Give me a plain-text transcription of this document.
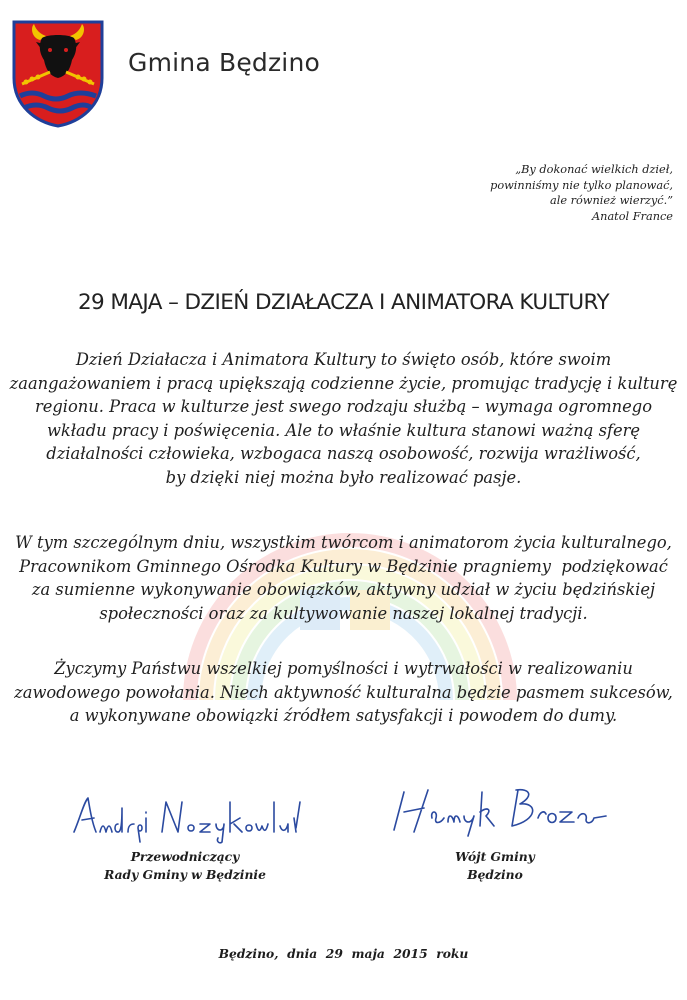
Gmina Będzino
„By dokonać wielkich dzieł,
powinniśmy nie tylko planować,
ale również wierzyć.”
Anatol France
29 MAJA – DZIEŃ DZIAŁACZA I ANIMATORA KULTURY
Dzień Działacza i Animatora Kultury to święto osób, które swoim
zaangażowaniem i pracą upiększają codzienne życie, promując tradycję i kulturę
regionu. Praca w kulturze jest swego rodzaju służbą – wymaga ogromnego
wkładu pracy i poświęcenia. Ale to właśnie kultura stanowi ważną sferę
działalności człowieka, wzbogaca naszą osobowość, rozwija wrażliwość,
by dzięki niej można było realizować pasje.
W tym szczególnym dniu, wszystkim twórcom i animatorom życia kulturalnego,
Pracownikom Gminnego Ośrodka Kultury w Będzinie pragniemy  podziękować
za sumienne wykonywanie obowiązków, aktywny udział w życiu będzińskiej
społeczności oraz za kultywowanie naszej lokalnej tradycji.
Życzymy Państwu wszelkiej pomyślności i wytrwałości w realizowaniu
zawodowego powołania. Niech aktywność kulturalna będzie pasmem sukcesów,
a wykonywane obowiązki źródłem satysfakcji i powodem do dumy.
Przewodniczący
Rady Gminy w Będzinie
Wójt Gminy
Będzino
Będzino,  dnia  29  maja  2015  roku
